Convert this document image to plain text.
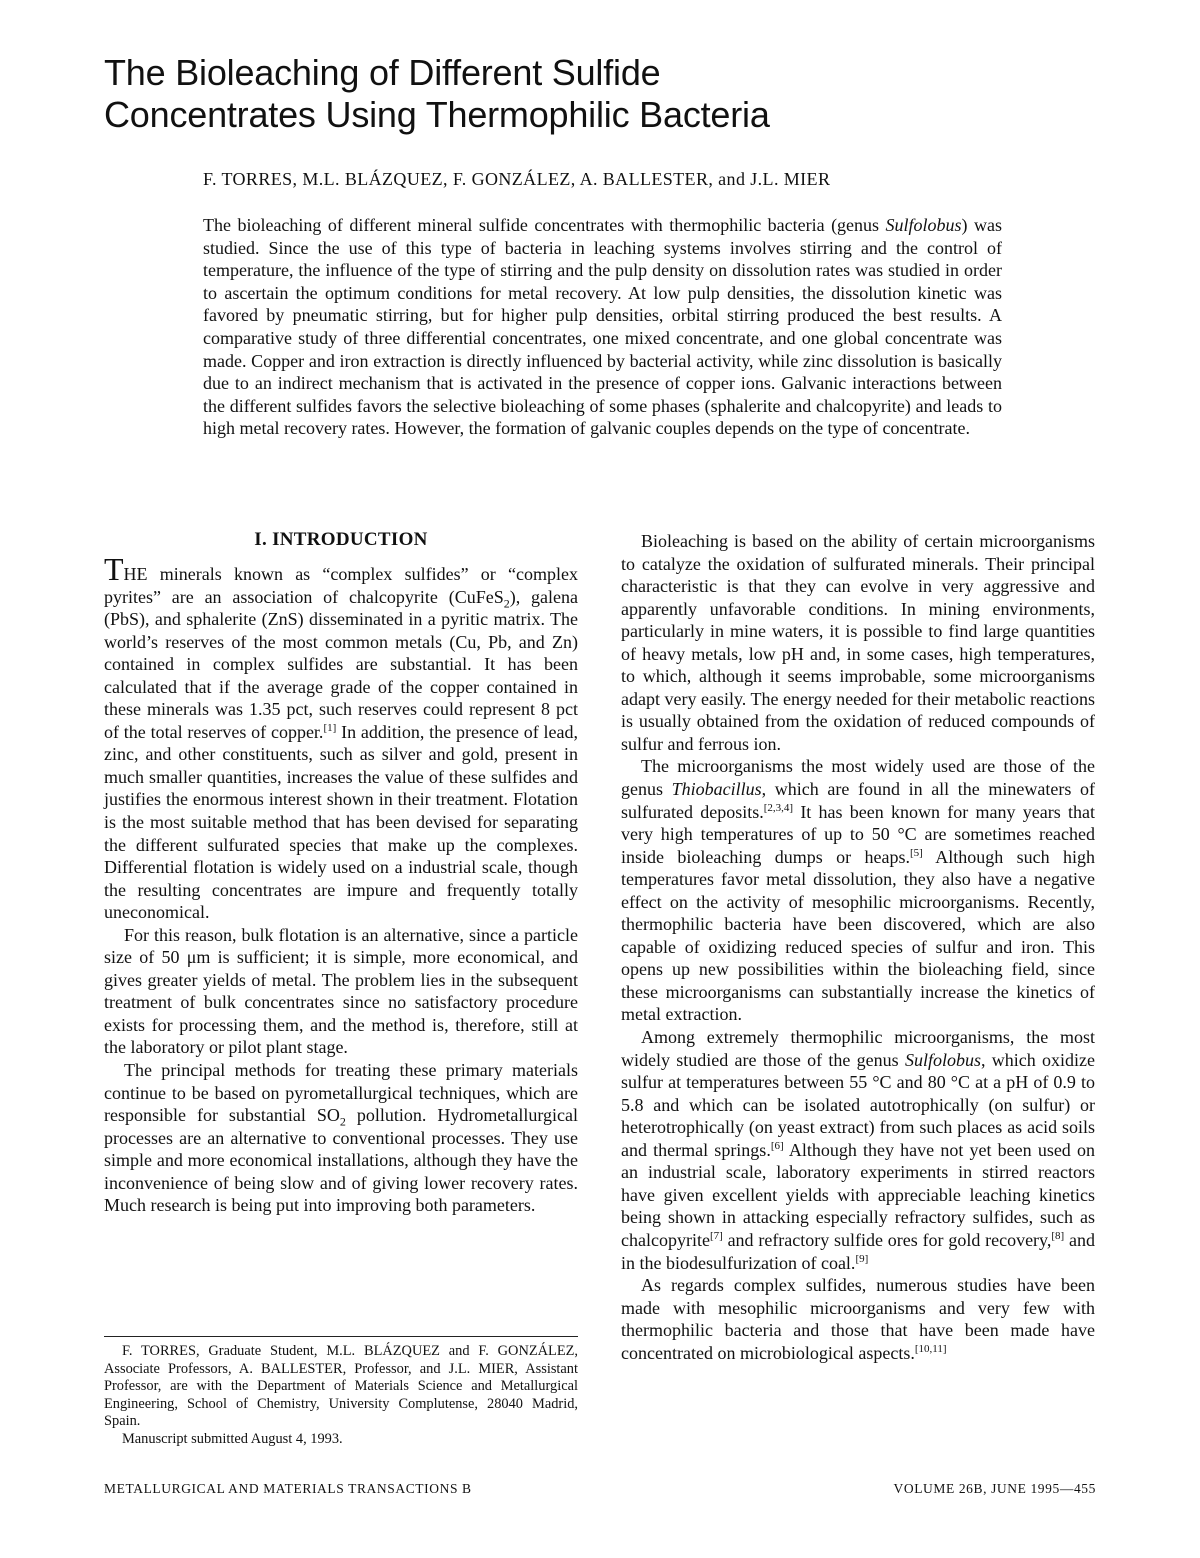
The Bioleaching of Different Sulfide
Concentrates Using Thermophilic Bacteria
F. TORRES, M.L. BLÁZQUEZ, F. GONZÁLEZ, A. BALLESTER, and J.L. MIER

The bioleaching of different mineral sulfide concentrates with thermophilic bacteria (genus Sulfolobus) was studied. Since the use of this type of bacteria in leaching systems involves stirring and the control of temperature, the influence of the type of stirring and the pulp density on dissolution rates was studied in order to ascertain the optimum conditions for metal recovery. At low pulp densities, the dissolution kinetic was favored by pneumatic stirring, but for higher pulp densities, orbital stirring produced the best results. A comparative study of three differential concentrates, one mixed concentrate, and one global concentrate was made. Copper and iron extraction is directly influenced by bacterial activity, while zinc dissolution is basically due to an indirect mechanism that is activated in the presence of copper ions. Galvanic interactions between the different sulfides favors the selective bioleaching of some phases (sphalerite and chalcopyrite) and leads to high metal recovery rates. However, the formation of galvanic couples depends on the type of concentrate.

I. INTRODUCTION

THE minerals known as “complex sulfides” or “complex pyrites” are an association of chalcopyrite (CuFeS$_2$), galena (PbS), and sphalerite (ZnS) disseminated in a pyritic matrix. The world’s reserves of the most common metals (Cu, Pb, and Zn) contained in complex sulfides are substantial. It has been calculated that if the average grade of the copper contained in these minerals was 1.35 pct, such reserves could represent 8 pct of the total reserves of copper.[1] In addition, the presence of lead, zinc, and other constituents, such as silver and gold, present in much smaller quantities, increases the value of these sulfides and justifies the enormous interest shown in their treatment. Flotation is the most suitable method that has been devised for separating the different sulfurated species that make up the complexes. Differential flotation is widely used on a industrial scale, though the resulting concentrates are impure and frequently totally uneconomical.

For this reason, bulk flotation is an alternative, since a particle size of 50 μm is sufficient; it is simple, more economical, and gives greater yields of metal. The problem lies in the subsequent treatment of bulk concentrates since no satisfactory procedure exists for processing them, and the method is, therefore, still at the laboratory or pilot plant stage.

The principal methods for treating these primary materials continue to be based on pyrometallurgical techniques, which are responsible for substantial $SO_2$ pollution. Hydrometallurgical processes are an alternative to conventional processes. They use simple and more economical installations, although they have the inconvenience of being slow and of giving lower recovery rates. Much research is being put into improving both parameters.

F. TORRES, Graduate Student, M.L. BLÁZQUEZ and F. GONZÁLEZ, Associate Professors, A. BALLESTER, Professor, and J.L. MIER, Assistant Professor, are with the Department of Materials Science and Metallurgical Engineering, School of Chemistry, University Complutense, 28040 Madrid, Spain.

Manuscript submitted August 4, 1993.

Bioleaching is based on the ability of certain microorganisms to catalyze the oxidation of sulfurated minerals. Their principal characteristic is that they can evolve in very aggressive and apparently unfavorable conditions. In mining environments, particularly in mine waters, it is possible to find large quantities of heavy metals, low pH and, in some cases, high temperatures, to which, although it seems improbable, some microorganisms adapt very easily. The energy needed for their metabolic reactions is usually obtained from the oxidation of reduced compounds of sulfur and ferrous ion.

The microorganisms the most widely used are those of the genus Thiobacillus, which are found in all the minewaters of sulfurated deposits.[2,3,4] It has been known for many years that very high temperatures of up to 50 °C are sometimes reached inside bioleaching dumps or heaps.[5] Although such high temperatures favor metal dissolution, they also have a negative effect on the activity of mesophilic microorganisms. Recently, thermophilic bacteria have been discovered, which are also capable of oxidizing reduced species of sulfur and iron. This opens up new possibilities within the bioleaching field, since these microorganisms can substantially increase the kinetics of metal extraction.

Among extremely thermophilic microorganisms, the most widely studied are those of the genus Sulfolobus, which oxidize sulfur at temperatures between 55 °C and 80 °C at a pH of 0.9 to 5.8 and which can be isolated autotrophically (on sulfur) or heterotrophically (on yeast extract) from such places as acid soils and thermal springs.[6] Although they have not yet been used on an industrial scale, laboratory experiments in stirred reactors have given excellent yields with appreciable leaching kinetics being shown in attacking especially refractory sulfides, such as chalcopyrite[7] and refractory sulfide ores for gold recovery,[8] and in the biodesulfurization of coal.[9]

As regards complex sulfides, numerous studies have been made with mesophilic microorganisms and very few with thermophilic bacteria and those that have been made have concentrated on microbiological aspects.[10,11]

METALLURGICAL AND MATERIALS TRANSACTIONS B	VOLUME 26B, JUNE 1995—455
